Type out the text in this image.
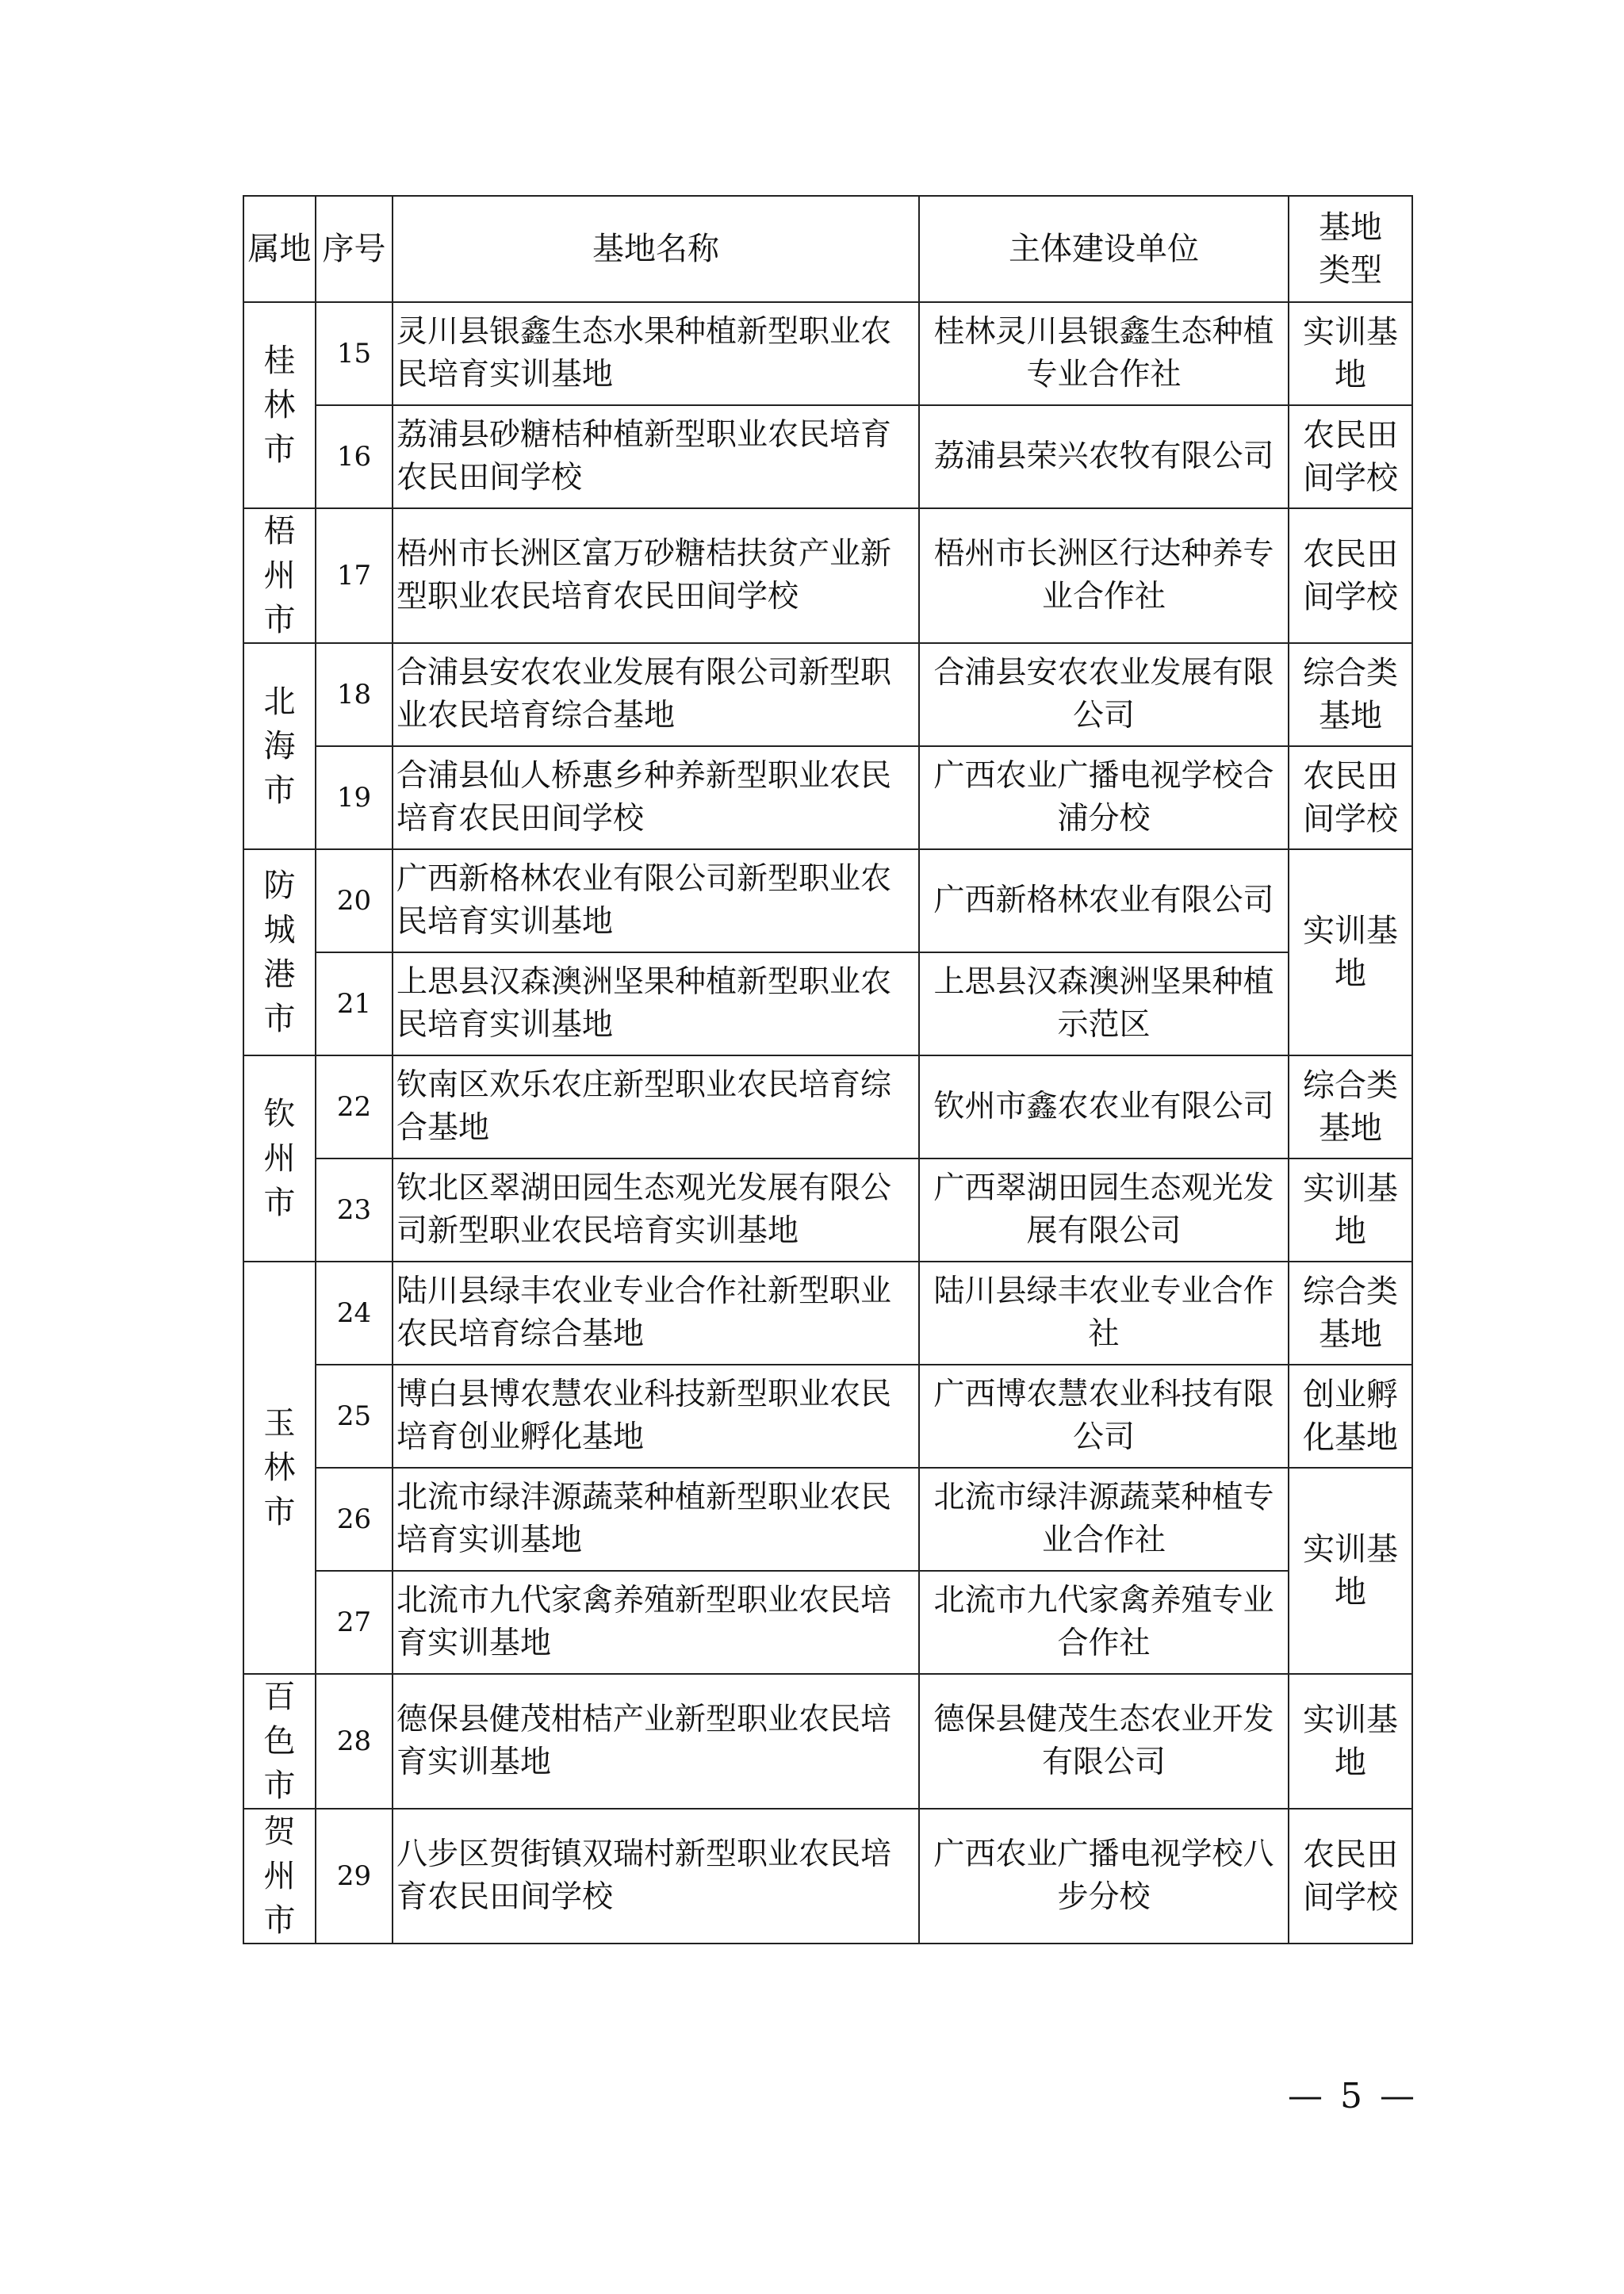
属地	序号	基地名称	主体建设单位	基地类型
桂林市	15	灵川县银鑫生态水果种植新型职业农民培育实训基地	桂林灵川县银鑫生态种植专业合作社	实训基地
	16	荔浦县砂糖桔种植新型职业农民培育农民田间学校	荔浦县荣兴农牧有限公司	农民田间学校
梧州市	17	梧州市长洲区富万砂糖桔扶贫产业新型职业农民培育农民田间学校	梧州市长洲区行达种养专业合作社	农民田间学校
北海市	18	合浦县安农农业发展有限公司新型职业农民培育综合基地	合浦县安农农业发展有限公司	综合类基地
	19	合浦县仙人桥惠乡种养新型职业农民培育农民田间学校	广西农业广播电视学校合浦分校	农民田间学校
防城港市	20	广西新格林农业有限公司新型职业农民培育实训基地	广西新格林农业有限公司	实训基地
	21	上思县汉森澳洲坚果种植新型职业农民培育实训基地	上思县汉森澳洲坚果种植示范区	
钦州市	22	钦南区欢乐农庄新型职业农民培育综合基地	钦州市鑫农农业有限公司	综合类基地
	23	钦北区翠湖田园生态观光发展有限公司新型职业农民培育实训基地	广西翠湖田园生态观光发展有限公司	实训基地
玉林市	24	陆川县绿丰农业专业合作社新型职业农民培育综合基地	陆川县绿丰农业专业合作社	综合类基地
	25	博白县博农慧农业科技新型职业农民培育创业孵化基地	广西博农慧农业科技有限公司	创业孵化基地
	26	北流市绿沣源蔬菜种植新型职业农民培育实训基地	北流市绿沣源蔬菜种植专业合作社	实训基地
	27	北流市九代家禽养殖新型职业农民培育实训基地	北流市九代家禽养殖专业合作社	
百色市	28	德保县健茂柑桔产业新型职业农民培育实训基地	德保县健茂生态农业开发有限公司	实训基地
贺州市	29	八步区贺街镇双瑞村新型职业农民培育农民田间学校	广西农业广播电视学校八步分校	农民田间学校
— 5 —
